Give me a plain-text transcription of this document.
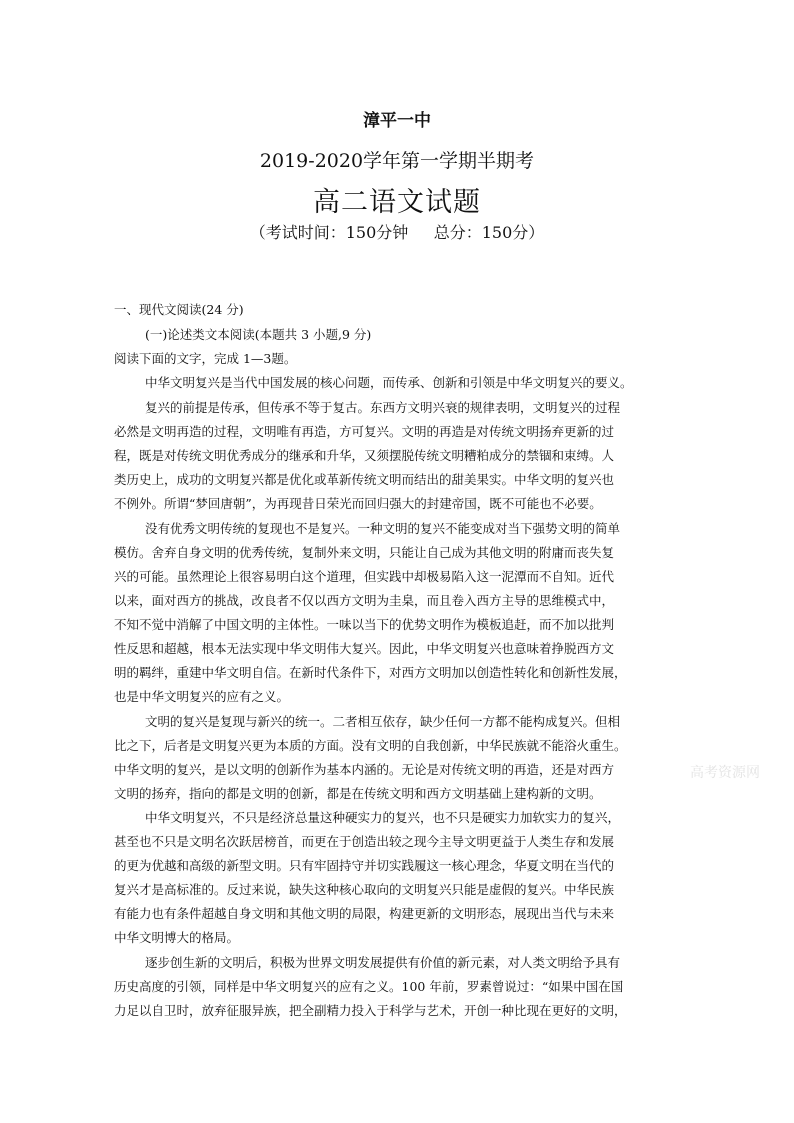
漳平一中
2019-2020学年第一学期半期考
高二语文试题
（考试时间：150分钟     总分：150分）
一、现代文阅读(24 分)
(一)论述类文本阅读(本题共 3 小题,9 分)
阅读下面的文字，完成 1—3题。
中华文明复兴是当代中国发展的核心问题，而传承、创新和引领是中华文明复兴的要义。
复兴的前提是传承，但传承不等于复古。东西方文明兴衰的规律表明，文明复兴的过程
必然是文明再造的过程，文明唯有再造，方可复兴。文明的再造是对传统文明扬弃更新的过
程，既是对传统文明优秀成分的继承和升华，又须摆脱传统文明糟粕成分的禁锢和束缚。人
类历史上，成功的文明复兴都是优化或革新传统文明而结出的甜美果实。中华文明的复兴也
不例外。所谓“梦回唐朝”，为再现昔日荣光而回归强大的封建帝国，既不可能也不必要。
没有优秀文明传统的复现也不是复兴。一种文明的复兴不能变成对当下强势文明的简单
模仿。舍弃自身文明的优秀传统，复制外来文明，只能让自己成为其他文明的附庸而丧失复
兴的可能。虽然理论上很容易明白这个道理，但实践中却极易陷入这一泥潭而不自知。近代
以来，面对西方的挑战，改良者不仅以西方文明为圭臬，而且卷入西方主导的思维模式中，
不知不觉中消解了中国文明的主体性。一味以当下的优势文明作为模板追赶，而不加以批判
性反思和超越，根本无法实现中华文明伟大复兴。因此，中华文明复兴也意味着挣脱西方文
明的羁绊，重建中华文明自信。在新时代条件下，对西方文明加以创造性转化和创新性发展，
也是中华文明复兴的应有之义。
文明的复兴是复现与新兴的统一。二者相互依存，缺少任何一方都不能构成复兴。但相
比之下，后者是文明复兴更为本质的方面。没有文明的自我创新，中华民族就不能浴火重生。
中华文明的复兴，是以文明的创新作为基本内涵的。无论是对传统文明的再造，还是对西方
文明的扬弃，指向的都是文明的创新，都是在传统文明和西方文明基础上建构新的文明。
中华文明复兴，不只是经济总量这种硬实力的复兴，也不只是硬实力加软实力的复兴，
甚至也不只是文明名次跃居榜首，而更在于创造出较之现今主导文明更益于人类生存和发展
的更为优越和高级的新型文明。只有牢固持守并切实践履这一核心理念，华夏文明在当代的
复兴才是高标准的。反过来说，缺失这种核心取向的文明复兴只能是虚假的复兴。中华民族
有能力也有条件超越自身文明和其他文明的局限，构建更新的文明形态，展现出当代与未来
中华文明博大的格局。
逐步创生新的文明后，积极为世界文明发展提供有价值的新元素，对人类文明给予具有
历史高度的引领，同样是中华文明复兴的应有之义。100 年前，罗素曾说过：“如果中国在国
力足以自卫时，放弃征服异族，把全副精力投入于科学与艺术，开创一种比现在更好的文明，
高考资源网
